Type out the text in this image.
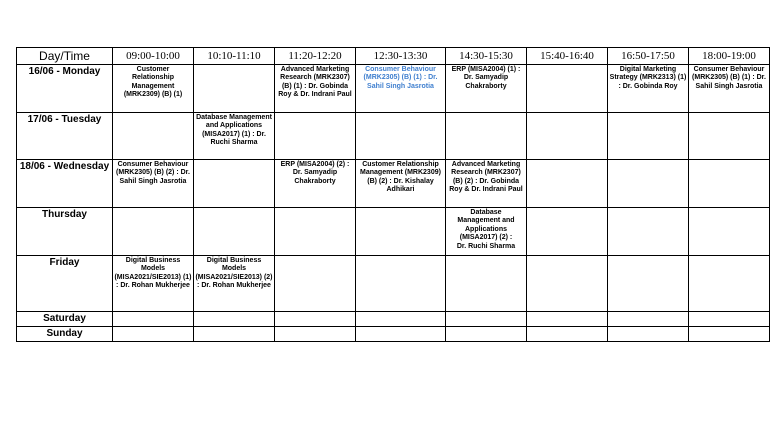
Day/Time	09:00-10:00	10:10-11:10	11:20-12:20	12:30-13:30	14:30-15:30	15:40-16:40	16:50-17:50	18:00-19:00
16/06 - Monday	Customer Relationship Management (MRK2309) (B) (1)		Advanced Marketing Research (MRK2307) (B) (1) : Dr. Gobinda Roy & Dr. Indrani Paul	Consumer Behaviour (MRK2305) (B) (1) : Dr. Sahil Singh Jasrotia	ERP (MISA2004) (1) : Dr. Samyadip Chakraborty		Digital Marketing Strategy (MRK2313) (1) : Dr. Gobinda Roy	Consumer Behaviour (MRK2305) (B) (1) : Dr. Sahil Singh Jasrotia
17/06 - Tuesday		Database Management and Applications (MISA2017) (1) : Dr. Ruchi Sharma						
18/06 - Wednesday	Consumer Behaviour (MRK2305) (B) (2) : Dr. Sahil Singh Jasrotia		ERP (MISA2004) (2) : Dr. Samyadip Chakraborty	Customer Relationship Management (MRK2309) (B) (2) : Dr. Kishalay Adhikari	Advanced Marketing Research (MRK2307) (B) (2) : Dr. Gobinda Roy & Dr. Indrani Paul			
Thursday					Database Management and Applications (MISA2017) (2) : Dr. Ruchi Sharma			
Friday	Digital Business Models (MISA2021/SIE2013) (1) : Dr. Rohan Mukherjee	Digital Business Models (MISA2021/SIE2013) (2) : Dr. Rohan Mukherjee						
Saturday								
Sunday								
